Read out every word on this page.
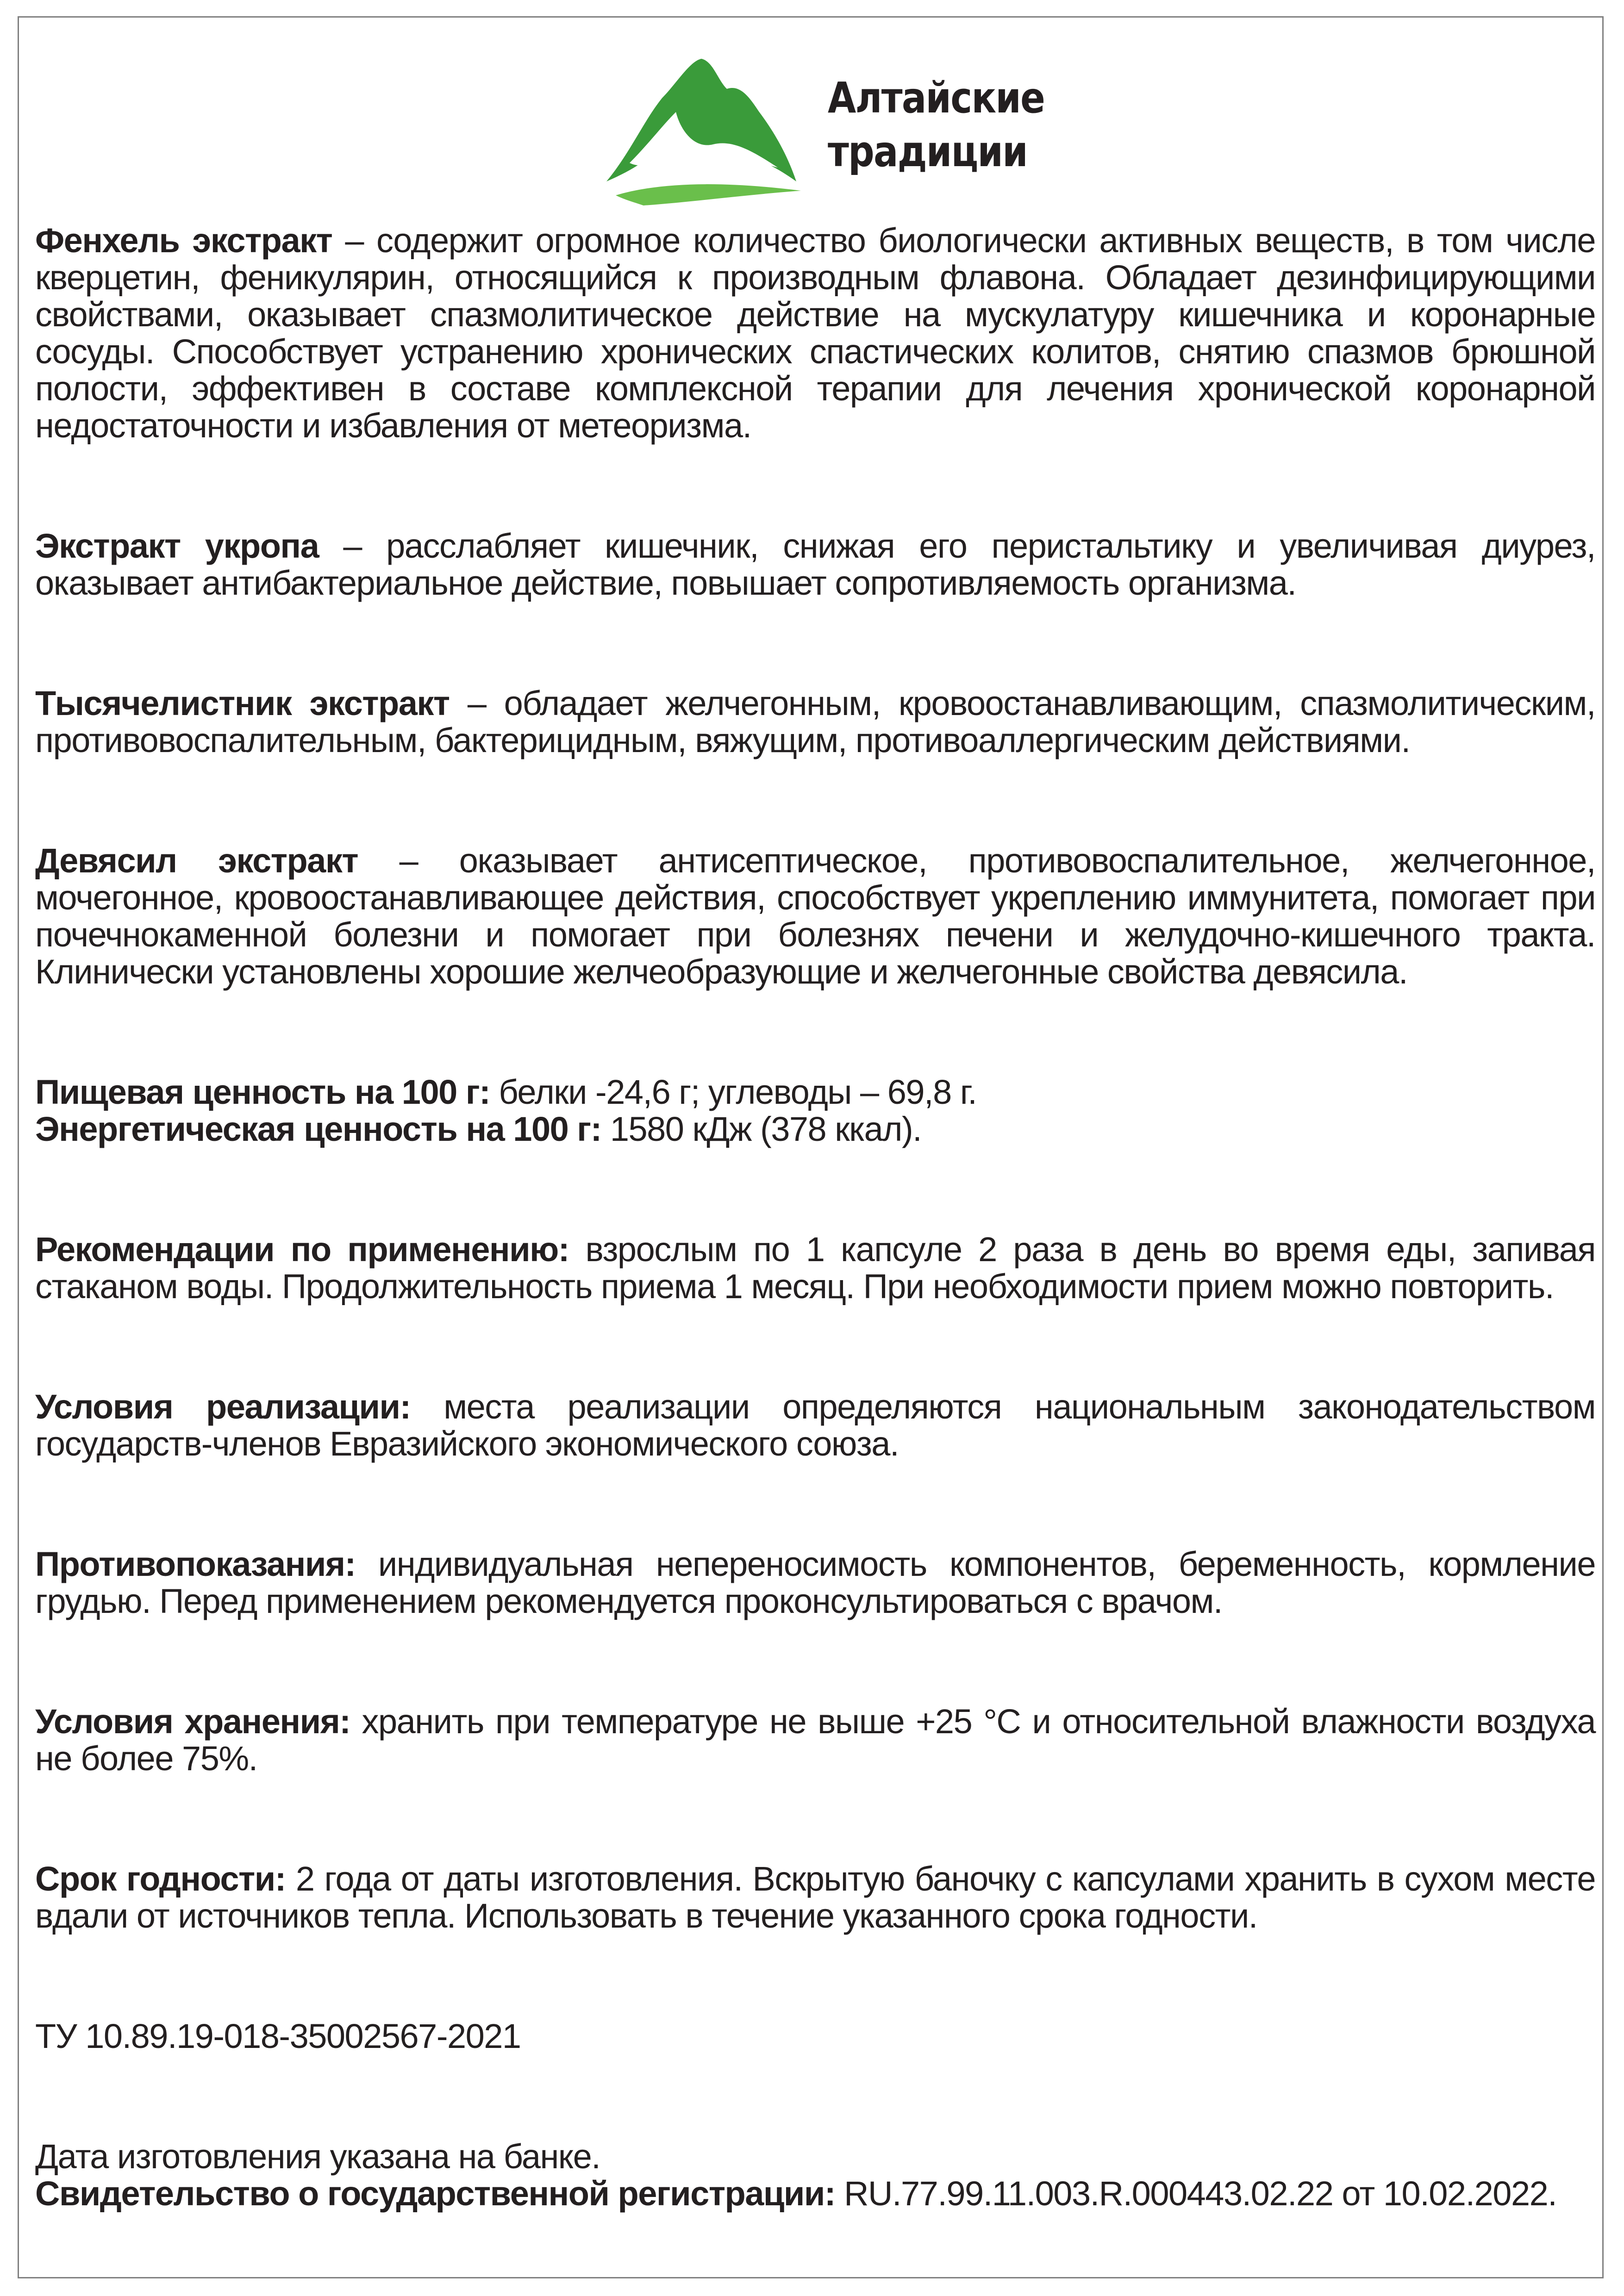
Алтайские
традиции

Фенхель экстракт – содержит огромное количество биологически активных веществ, в том числе кверцетин, феникулярин, относящийся к производным флавона. Обладает дезинфицирующими свойствами, оказывает спазмолитическое действие на мускулатуру кишечника и коронарные сосуды. Способствует устранению хронических спастических колитов, снятию спазмов брюшной полости, эффективен в составе комплексной терапии для лечения хронической коронарной недостаточности и избавления от метеоризма.

Экстракт укропа – расслабляет кишечник, снижая его перистальтику и увеличивая диурез, оказывает антибактериальное действие, повышает сопротивляемость организма.

Тысячелистник экстракт – обладает желчегонным, кровоостанавливающим, спазмолитическим, противовоспалительным, бактерицидным, вяжущим, противоаллергическим действиями.

Девясил экстракт – оказывает антисептическое, противовоспалительное, желчегонное, мочегонное, кровоостанавливающее действия, способствует укреплению иммунитета, помогает при почечнокаменной болезни и помогает при болезнях печени и желудочно-кишечного тракта. Клинически установлены хорошие желчеобразующие и желчегонные свойства девясила.

Пищевая ценность на 100 г: белки -24,6 г; углеводы – 69,8 г.

Энергетическая ценность на 100 г: 1580 кДж (378 ккал).

Рекомендации по применению: взрослым по 1 капсуле 2 раза в день во время еды, запивая стаканом воды. Продолжительность приема 1 месяц. При необходимости прием можно повторить.

Условия реализации: места реализации определяются национальным законодательством государств-членов Евразийского экономического союза.

Противопоказания: индивидуальная непереносимость компонентов, беременность, кормление грудью. Перед применением рекомендуется проконсультироваться с врачом.

Условия хранения: хранить при температуре не выше +25 °С и относительной влажности воздуха не более 75%.

Срок годности: 2 года от даты изготовления. Вскрытую баночку с капсулами хранить в сухом месте вдали от источников тепла. Использовать в течение указанного срока годности.

ТУ 10.89.19-018-35002567-2021

Дата изготовления указана на банке.

Свидетельство о государственной регистрации: RU.77.99.11.003.R.000443.02.22 от 10.02.2022.
